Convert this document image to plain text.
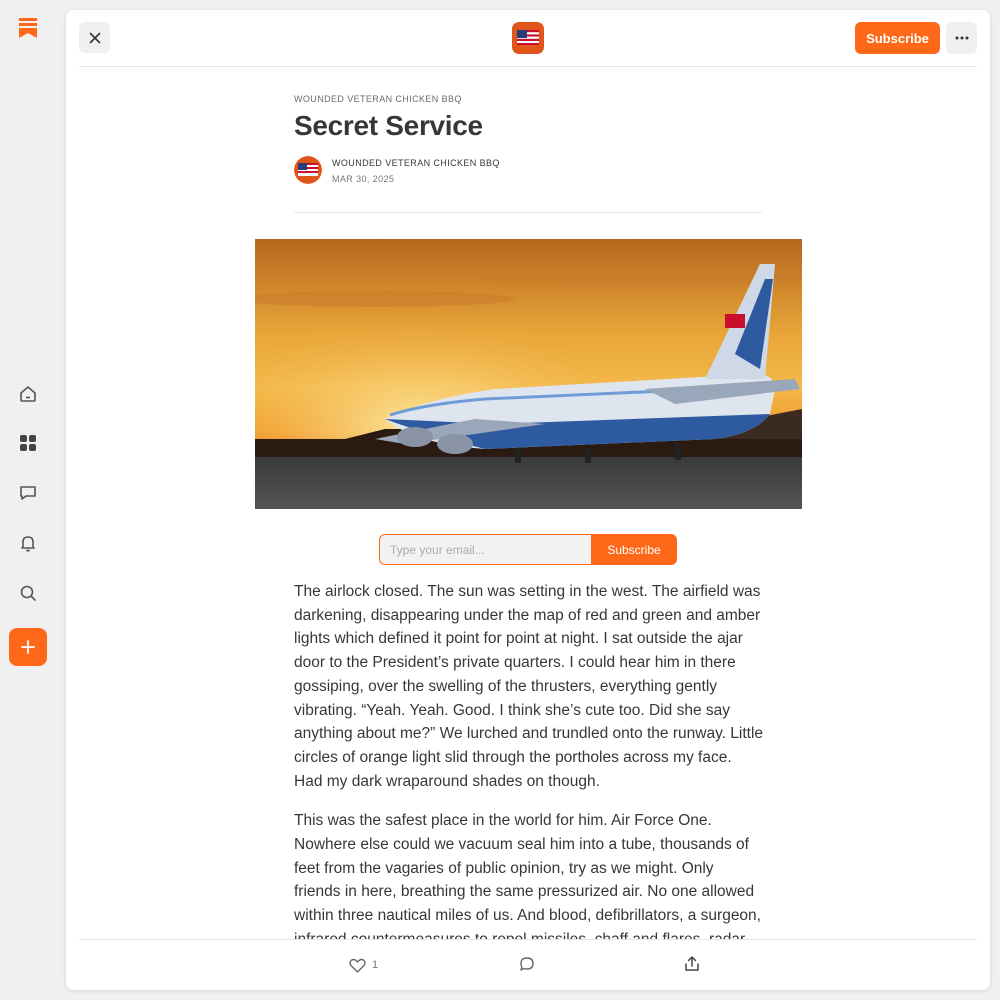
Subscribe
WOUNDED VETERAN CHICKEN BBQ
Secret Service
WOUNDED VETERAN CHICKEN BBQ
MAR 30, 2025
Type your email...
Subscribe

The airlock closed. The sun was setting in the west. The airfield was darkening, disappearing under the map of red and green and amber lights which defined it point for point at night. I sat outside the ajar door to the President’s private quarters. I could hear him in there gossiping, over the swelling of the thrusters, everything gently vibrating. “Yeah. Yeah. Good. I think she’s cute too. Did she say anything about me?” We lurched and trundled onto the runway. Little circles of orange light slid through the portholes across my face. Had my dark wraparound shades on though.

This was the safest place in the world for him. Air Force One. Nowhere else could we vacuum seal him into a tube, thousands of feet from the vagaries of public opinion, try as we might. Only friends in here, breathing the same pressurized air. No one allowed within three nautical miles of us. And blood, defibrillators, a surgeon,

1
